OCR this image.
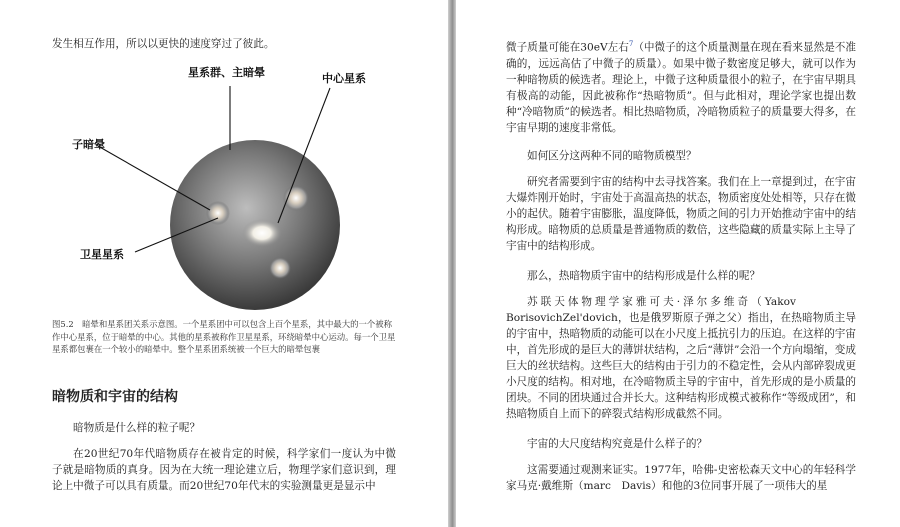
发生相互作用，所以以更快的速度穿过了彼此。

星系群、主暗晕	中心星系
子暗晕
卫星星系

图5.2　暗晕和星系团关系示意图。一个星系团中可以包含上百个星系，其中最大的一个被称作中心星系，位于暗晕的中心。其他的星系被称作卫星星系，环绕暗晕中心运动。每一个卫星星系都包裹在一个较小的暗晕中。整个星系团系统被一个巨大的暗晕包裹

暗物质和宇宙的结构

暗物质是什么样的粒子呢？

在20世纪70年代暗物质存在被肯定的时候，科学家们一度认为中微子就是暗物质的真身。因为在大统一理论建立后，物理学家们意识到，理论上中微子可以具有质量。而20世纪70年代末的实验测量更是显示中

微子质量可能在30eV左右$^7$（中微子的这个质量测量在现在看来显然是不准确的，远远高估了中微子的质量）。如果中微子数密度足够大，就可以作为一种暗物质的候选者。理论上，中微子这种质量很小的粒子，在宇宙早期具有极高的动能，因此被称作“热暗物质”。但与此相对，理论学家也提出数种“冷暗物质”的候选者。相比热暗物质，冷暗物质粒子的质量要大得多，在宇宙早期的速度非常低。

如何区分这两种不同的暗物质模型？

研究者需要到宇宙的结构中去寻找答案。我们在上一章提到过，在宇宙大爆炸刚开始时，宇宙处于高温高热的状态，物质密度处处相等，只存在微小的起伏。随着宇宙膨胀，温度降低，物质之间的引力开始推动宇宙中的结构形成。暗物质的总质量是普通物质的数倍，这些隐藏的质量实际上主导了宇宙中的结构形成。

那么，热暗物质宇宙中的结构形成是什么样的呢？

苏联天体物理学家雅可夫·泽尔多维奇（YakovBorisovichZel'dovich，也是俄罗斯原子弹之父）指出，在热暗物质主导的宇宙中，热暗物质的动能可以在小尺度上抵抗引力的压迫。在这样的宇宙中，首先形成的是巨大的薄饼状结构，之后“薄饼”会沿一个方向塌缩，变成巨大的丝状结构。这些巨大的结构由于引力的不稳定性，会从内部碎裂成更小尺度的结构。相对地，在冷暗物质主导的宇宙中，首先形成的是小质量的团块。不同的团块通过合并长大。这种结构形成模式被称作“等级成团”，和热暗物质自上而下的碎裂式结构形成截然不同。

宇宙的大尺度结构究竟是什么样子的？

这需要通过观测来证实。1977年，哈佛-史密松森天文中心的年轻科学家马克·戴维斯（marc　Davis）和他的3位同事开展了一项伟大的星
